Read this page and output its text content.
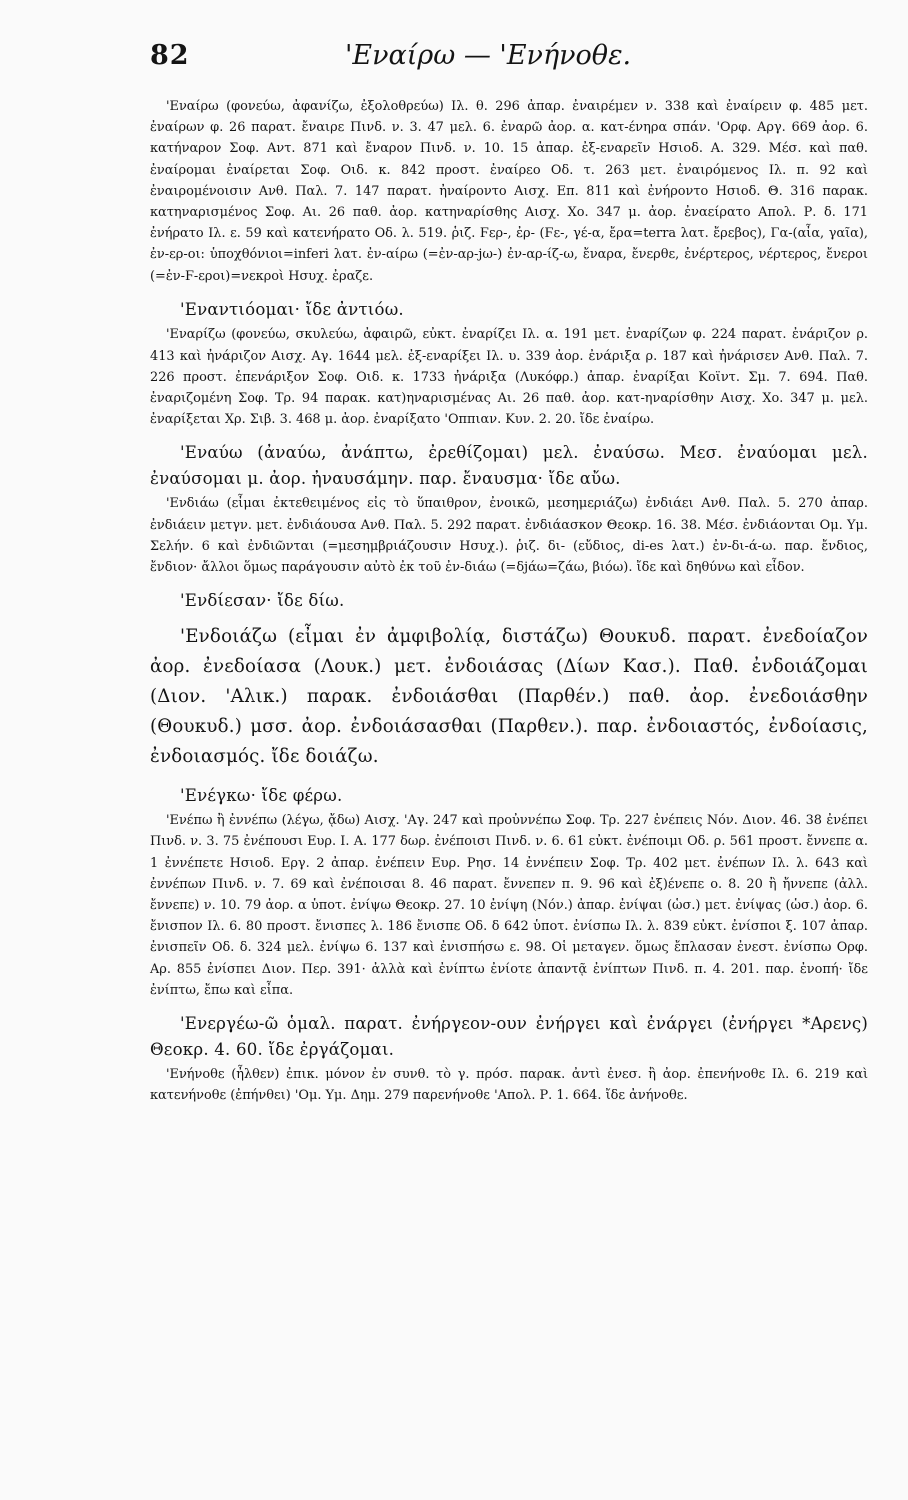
82	'Εναίρω — 'Ενήνοθε.

'Εναίρω (φονεύω, ἀφανίζω, ἐξολοθρεύω) Ιλ. θ. 296 ἀπαρ. ἐναιρέμεν ν. 338 καὶ ἐναίρειν φ. 485 μετ. ἐναίρων φ. 26 παρατ. ἔναιρε Πινδ. ν. 3. 47 μελ. 6. ἐναρῶ ἀορ. α. κατ-ένηρα σπάν. 'Ορφ. Αργ. 669 ἀορ. 6. κατήναρον Σοφ. Αντ. 871 καὶ ἔναρον Πινδ. ν. 10. 15 ἀπαρ. ἐξ-εναρεῖν Ησιοδ. Α. 329. Μέσ. καὶ παθ. ἐναίρομαι ἐναίρεται Σοφ. Οιδ. κ. 842 προστ. ἐναίρεο Οδ. τ. 263 μετ. ἐναιρόμενος Ιλ. π. 92 καὶ ἐναιρομένοισιν Ανθ. Παλ. 7. 147 παρατ. ἠναίροντο Αισχ. Επ. 811 καὶ ἐνήροντο Ησιοδ. Θ. 316 παρακ. κατηναρισμένος Σοφ. Αι. 26 παθ. ἀορ. κατηναρίσθης Αισχ. Χο. 347 μ. ἀορ. ἐναείρατο Απολ. Ρ. δ. 171 ἐνήρατο Ιλ. ε. 59 καὶ κατενήρατο Οδ. λ. 519. ῥιζ. Ϝερ-, ἐρ- (Ϝε-, γέ-α, ἔρα=terra λατ. ἔρεβος), Γα-(αἶα, γαῖα), ἐν-ερ-οι: ὑποχθόνιοι=inferi λατ. ἐν-αίρω (=ἐν-αρ-jω-) ἐν-αρ-ίζ-ω, ἔναρα, ἔνερθε, ἐνέρτερος, νέρτερος, ἔνεροι (=ἐν-Ϝ-εροι)=νεκροὶ Ησυχ. ἐραζε.

'Εναντιόομαι· ἴδε ἀντιόω.

'Εναρίζω (φονεύω, σκυλεύω, ἀφαιρῶ, εὐκτ. ἐναρίζει Ιλ. α. 191 μετ. ἐναρίζων φ. 224 παρατ. ἐνάριζον ρ. 413 καὶ ἠνάριζον Αισχ. Αγ. 1644 μελ. ἐξ-εναρίξει Ιλ. υ. 339 ἀορ. ἐνάριξα ρ. 187 καὶ ἠνάρισεν Ανθ. Παλ. 7. 226 προστ. ἐπενάριξον Σοφ. Οιδ. κ. 1733 ἠνάριξα (Λυκόφρ.) ἀπαρ. ἐναρίξαι Κοϊντ. Σμ. 7. 694. Παθ. ἐναριζομένη Σοφ. Τρ. 94 παρακ. κατ)ηναρισμένας Αι. 26 παθ. ἀορ. κατ-ηναρίσθην Αισχ. Χο. 347 μ. μελ. ἐναρίξεται Χρ. Σιβ. 3. 468 μ. ἀορ. ἐναρίξατο 'Οππιαν. Κυν. 2. 20. ἴδε ἐναίρω.

'Εναύω (ἀναύω, ἀνάπτω, ἐρεθίζομαι) μελ. ἐναύσω. Μεσ. ἐναύομαι μελ. ἐναύσομαι μ. ἀορ. ἠναυσάμην. παρ. ἔναυσμα· ἴδε αὔω.

'Ενδιάω (εἶμαι ἐκτεθειμένος εἰς τὸ ὕπαιθρον, ἐνοικῶ, μεσημεριάζω) ἐνδιάει Ανθ. Παλ. 5. 270 ἀπαρ. ἐνδιάειν μετγν. μετ. ἐνδιάουσα Ανθ. Παλ. 5. 292 παρατ. ἐνδιάασκον Θεοκρ. 16. 38. Μέσ. ἐνδιάονται Ομ. Υμ. Σελήν. 6 καὶ ἐνδιῶνται (=μεσημβριάζουσιν Ησυχ.). ῥιζ. δι- (εὔδιος, di-es λατ.) ἐν-δι-ά-ω. παρ. ἔνδιος, ἔνδιον· ἄλλοι ὅμως παράγουσιν αὐτὸ ἐκ τοῦ ἐν-διάω (=δjάω=ζάω, βιόω). ἴδε καὶ δηθύνω καὶ εἶδον.

'Ενδίεσαν· ἴδε δίω.

'Ενδοιάζω (εἶμαι ἐν ἀμφιβολίᾳ, διστάζω) Θουκυδ. παρατ. ἐνεδοίαζον ἀορ. ἐνεδοίασα (Λουκ.) μετ. ἐνδοιάσας (Δίων Κασ.). Παθ. ἐνδοιάζομαι (Διον. 'Αλικ.) παρακ. ἐνδοιάσθαι (Παρθέν.) παθ. ἀορ. ἐνεδοιάσθην (Θουκυδ.) μσσ. ἀορ. ἐνδοιάσασθαι (Παρθεν.). παρ. ἐνδοιαστός, ἐνδοίασις, ἐνδοιασμός. ἴδε δοιάζω.

'Ενέγκω· ἴδε φέρω.

'Ενέπω ἢ ἐννέπω (λέγω, ᾄδω) Αισχ. 'Αγ. 247 καὶ προὐννέπω Σοφ. Τρ. 227 ἐνέπεις Νόν. Διον. 46. 38 ἐνέπει Πινδ. ν. 3. 75 ἐνέπουσι Ευρ. Ι. Α. 177 δωρ. ἐνέποισι Πινδ. ν. 6. 61 εὐκτ. ἐνέποιμι Οδ. ρ. 561 προστ. ἔννεπε α. 1 ἐννέπετε Ησιοδ. Εργ. 2 ἀπαρ. ἐνέπειν Ευρ. Ρησ. 14 ἐννέπειν Σοφ. Τρ. 402 μετ. ἐνέπων Ιλ. λ. 643 καὶ ἐννέπων Πινδ. ν. 7. 69 καὶ ἐνέποισαι 8. 46 παρατ. ἔννεπεν π. 9. 96 καὶ ἐξ)ένεπε ο. 8. 20 ἢ ἤννεπε (ἀλλ. ἔννεπε) ν. 10. 79 ἀορ. α ὑποτ. ἐνίψω Θεοκρ. 27. 10 ἐνίψη (Νόν.) ἀπαρ. ἐνίψαι (ὡσ.) μετ. ἐνίψας (ὡσ.) ἀορ. 6. ἔνισπον Ιλ. 6. 80 προστ. ἔνισπες λ. 186 ἔνισπε Οδ. δ 642 ὑποτ. ἐνίσπω Ιλ. λ. 839 εὐκτ. ἐνίσποι ξ. 107 ἀπαρ. ἐνισπεῖν Οδ. δ. 324 μελ. ἐνίψω 6. 137 καὶ ἐνισπήσω ε. 98. Οἱ μεταγεν. ὅμως ἔπλασαν ἐνεστ. ἐνίσπω Ορφ. Αρ. 855 ἐνίσπει Διον. Περ. 391· ἀλλὰ καὶ ἐνίπτω ἐνίοτε ἀπαντᾷ ἐνίπτων Πινδ. π. 4. 201. παρ. ἐνοπή· ἴδε ἐνίπτω, ἔπω καὶ εἶπα.

'Ενεργέω-ῶ ὁμαλ. παρατ. ἐνήργεον-ουν ἐνήργει καὶ ἐνάργει (ἐνήργει *Αρενς) Θεοκρ. 4. 60. ἴδε ἐργάζομαι.

'Ενήνοθε (ἦλθεν) ἐπικ. μόνον ἐν συνθ. τὸ γ. πρόσ. παρακ. ἀντὶ ἐνεσ. ἢ ἀορ. ἐπενήνοθε Ιλ. 6. 219 καὶ κατενήνοθε (ἐπήνθει) 'Ομ. Υμ. Δημ. 279 παρενήνοθε 'Απολ. Ρ. 1. 664. ἴδε ἀνήνοθε.
